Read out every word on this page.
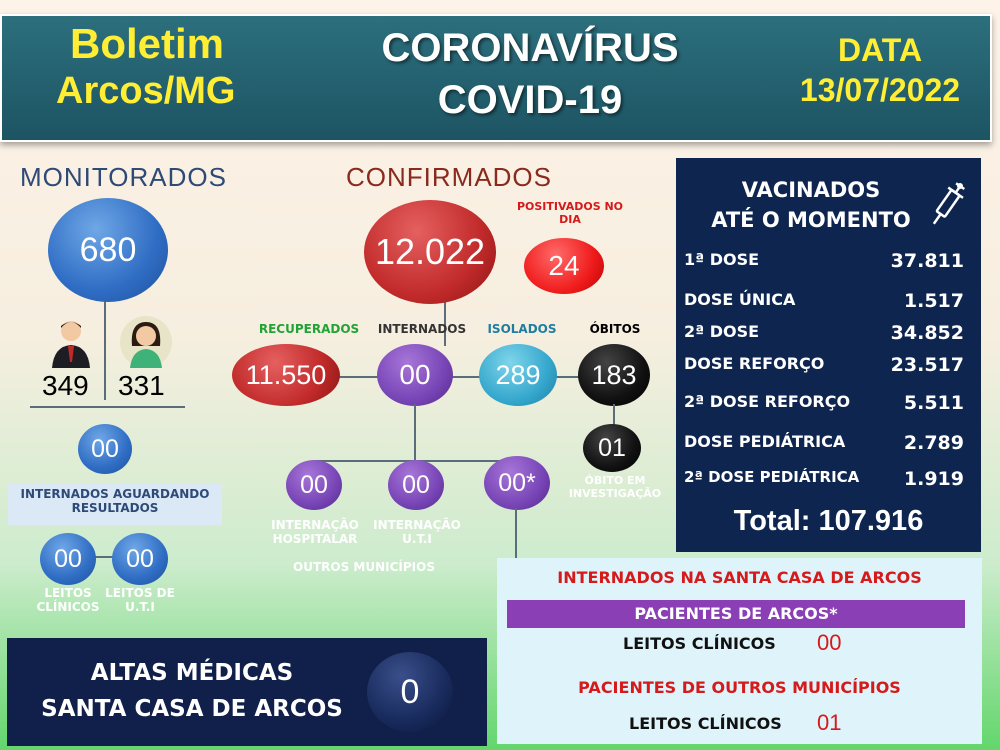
Boletim
Arcos/MG
CORONAVÍRUS
COVID-19
DATA
13/07/2022
MONITORADOS
680
349 331
00
INTERNADOS AGUARDANDO RESULTADOS
00 00
LEITOS CLÍNICOS
LEITOS DE U.T.I
CONFIRMADOS
12.022
POSITIVADOS NO DIA
24
RECUPERADOS	INTERNADOS	ISOLADOS	ÓBITOS
11.550	00 289 183
01
ÓBITO EM INVESTIGAÇÃO
00	00	00*
INTERNAÇÃO HOSPITALAR
INTERNAÇÃO U.T.I
OUTROS MUNICÍPIOS
VACINADOS
ATÉ O MOMENTO
1ª DOSE	37.811
DOSE ÚNICA	1.517
2ª DOSE	34.852
DOSE REFORÇO	23.517
2ª DOSE REFORÇO	5.511
DOSE PEDIÁTRICA	2.789
2ª DOSE PEDIÁTRICA 1.919
Total: 107.916
INTERNADOS NA SANTA CASA DE ARCOS
PACIENTES DE ARCOS*
LEITOS CLÍNICOS 00
PACIENTES DE OUTROS MUNICÍPIOS
LEITOS CLÍNICOS 01
ALTAS MÉDICAS
SANTA CASA DE ARCOS	0
